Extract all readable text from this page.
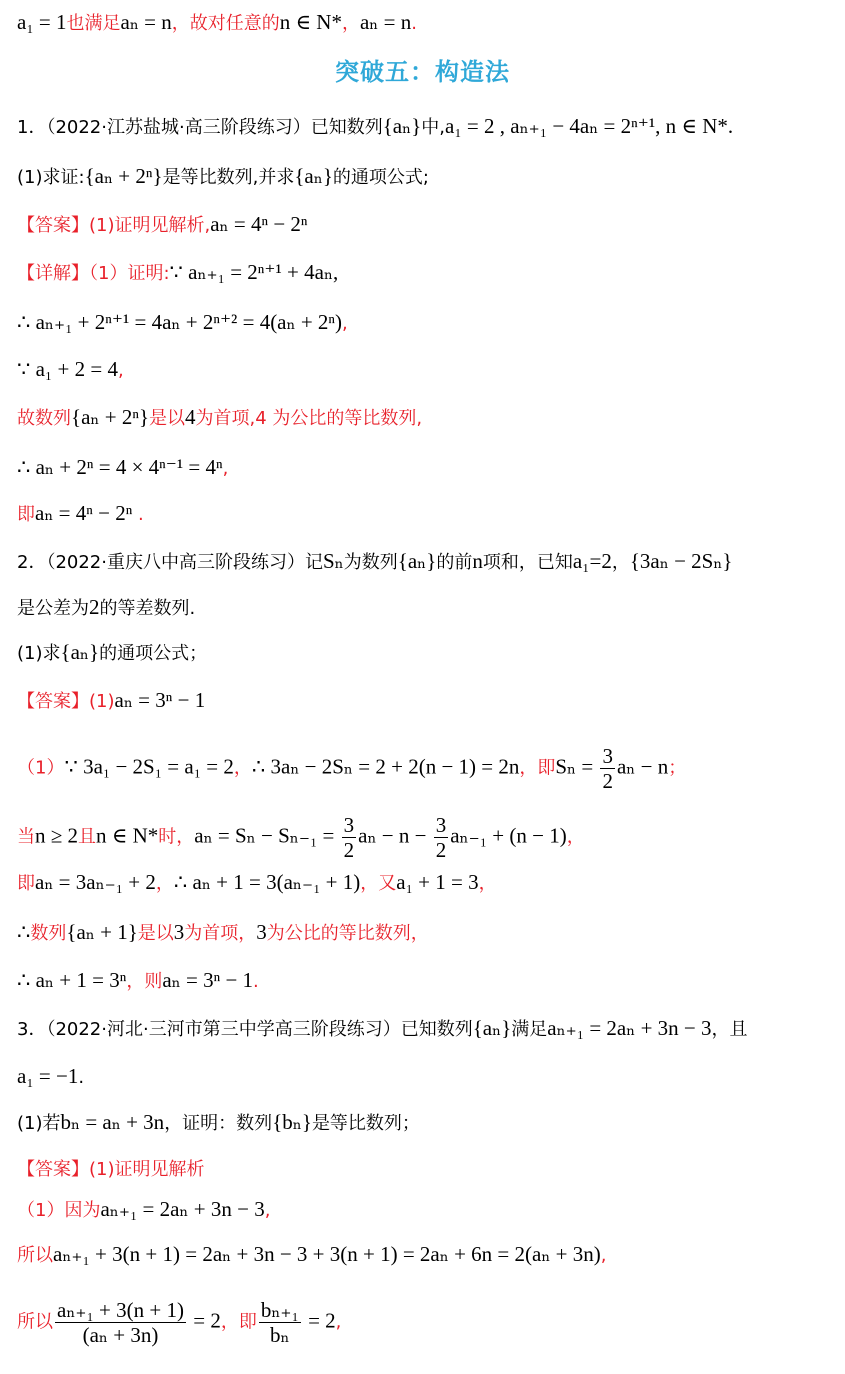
突破五：构造法
a₁ = 1也满足aₙ = n，故对任意的n ∈ N*，aₙ = n.
1．（2022·江苏盐城·高三阶段练习）已知数列{aₙ}中,a₁ = 2 , aₙ₊₁ − 4aₙ = 2ⁿ⁺¹, n ∈ N*.
(1)求证:{aₙ + 2ⁿ}是等比数列,并求{aₙ}的通项公式;
【答案】(1)证明见解析,aₙ = 4ⁿ − 2ⁿ
【详解】（1）证明:∵ aₙ₊₁ = 2ⁿ⁺¹ + 4aₙ,
∴ aₙ₊₁ + 2ⁿ⁺¹ = 4aₙ + 2ⁿ⁺² = 4(aₙ + 2ⁿ),
∵ a₁ + 2 = 4,
故数列{aₙ + 2ⁿ}是以4为首项,4 为公比的等比数列,
∴ aₙ + 2ⁿ = 4 × 4ⁿ⁻¹ = 4ⁿ,
即aₙ = 4ⁿ − 2ⁿ .
2．（2022·重庆八中高三阶段练习）记Sₙ为数列{aₙ}的前n项和，已知a₁=2，{3aₙ − 2Sₙ}
是公差为2的等差数列.
(1)求{aₙ}的通项公式；
【答案】(1)aₙ = 3ⁿ − 1
（1）∵ 3a₁ − 2S₁ = a₁ = 2，∴ 3aₙ − 2Sₙ = 2 + 2(n − 1) = 2n，即$S_n = \frac{3}{2}$ aₙ − n；
当n ≥ 2且n ∈ N*时，$a_n = S_n - S_{n-1} = \frac{3}{2}$ $a_n - n - \frac{3}{2} a_{n-1} + (n - 1)$，
即aₙ = 3aₙ₋₁ + 2，∴ aₙ + 1 = 3(aₙ₋₁ + 1)，又a₁ + 1 = 3，
∴数列{aₙ + 1}是以3为首项，3为公比的等比数列，
∴ aₙ + 1 = 3ⁿ，则aₙ = 3ⁿ − 1.
3．（2022·河北·三河市第三中学高三阶段练习）已知数列{aₙ}满足aₙ₊₁ = 2aₙ + 3n − 3，且
a₁ = −1.
(1)若bₙ = aₙ + 3n，证明：数列{bₙ}是等比数列；
【答案】(1)证明见解析
（1）因为aₙ₊₁ = 2aₙ + 3n − 3,
所以aₙ₊₁ + 3(n + 1) = 2aₙ + 3n − 3 + 3(n + 1) = 2aₙ + 6n = 2(aₙ + 3n),
所以 $\frac{\text{aₙ₊₁ + 3(n + 1)}}{\text{(aₙ + 3n)}} = 2$，即 $\frac{\text{bₙ₊₁}}{\text{bₙ}} = 2$,
